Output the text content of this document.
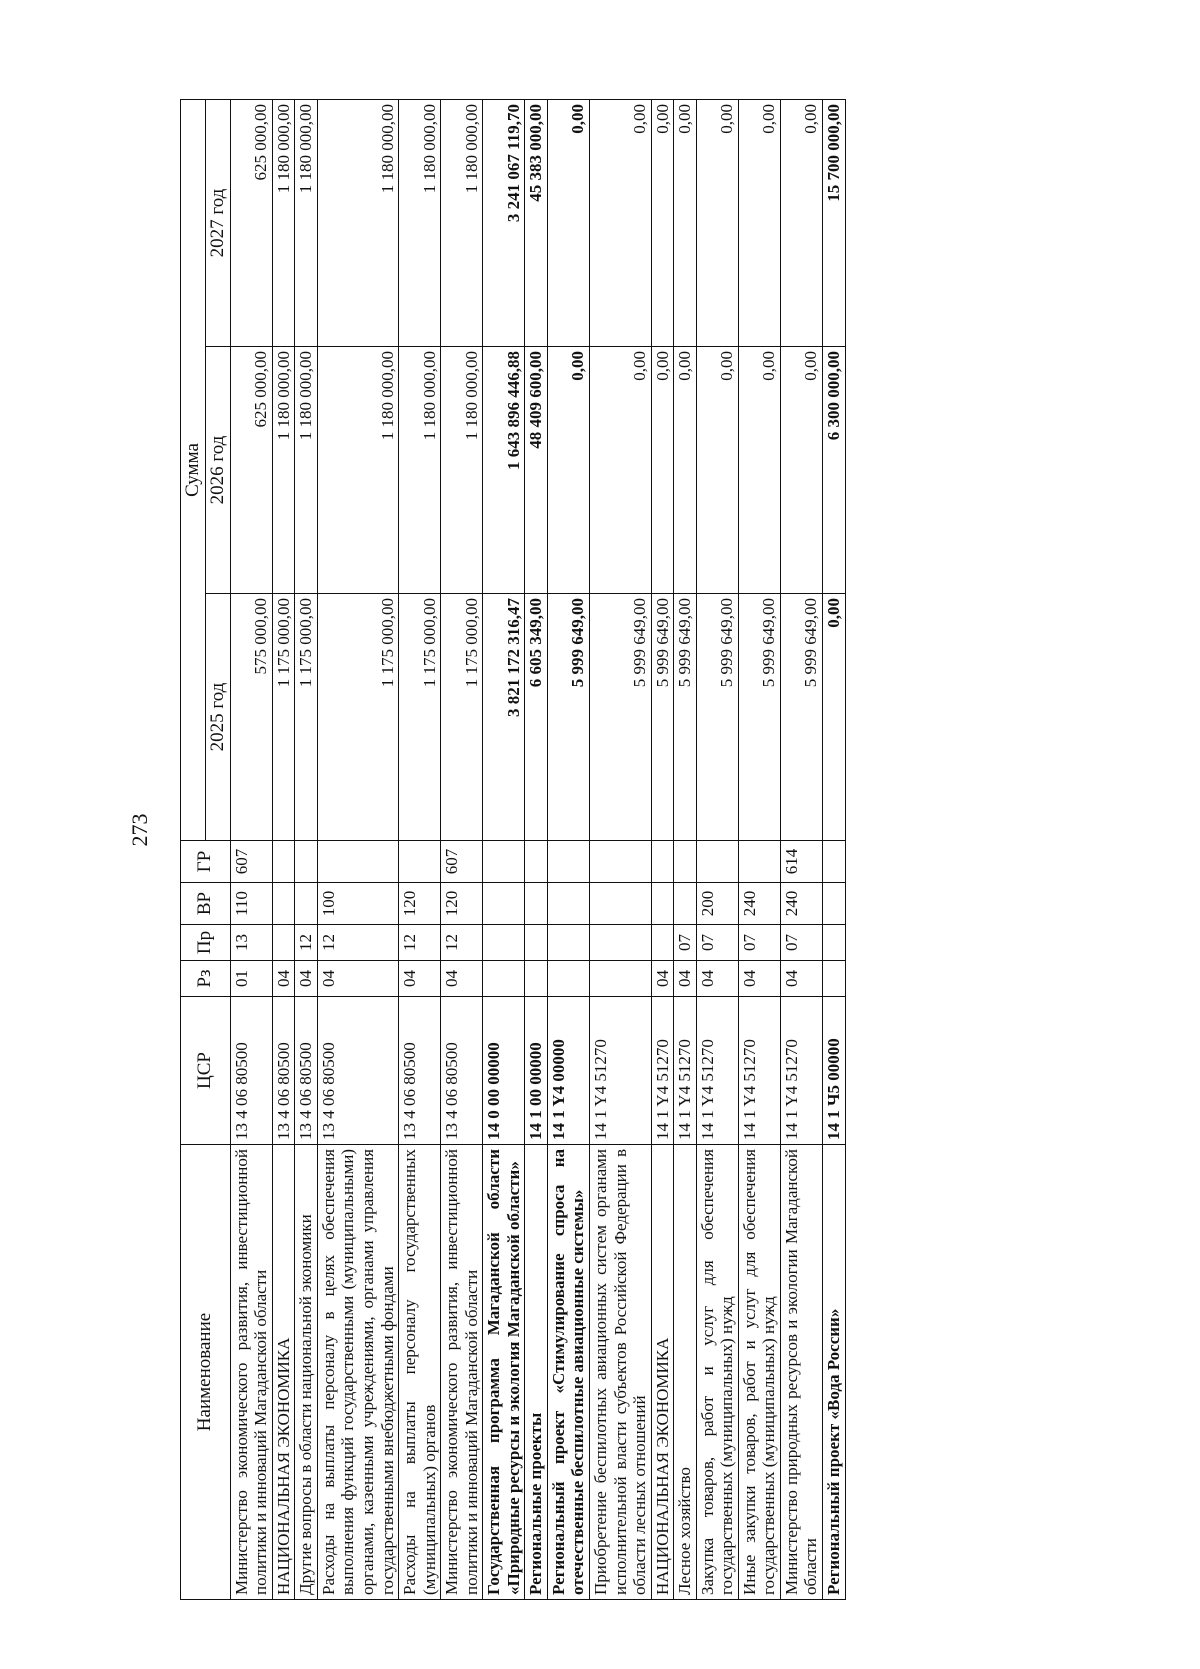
273
Наименование	ЦСР	Рз	Пр	ВР	ГР	Сумма		
						2025 год	2026 год	2027 год
Министерство экономического развития, инвестиционной политики и инноваций Магаданской области	13 4 06 80500	01	13	110	607	575 000,00	625 000,00	625 000,00
НАЦИОНАЛЬНАЯ ЭКОНОМИКА	13 4 06 80500	04				1 175 000,00	1 180 000,00	1 180 000,00
Другие вопросы в области национальной экономики	13 4 06 80500	04	12			1 175 000,00	1 180 000,00	1 180 000,00
Расходы на выплаты персоналу в целях обеспечения выполнения функций государственными (муниципальными) органами, казенными учреждениями, органами управления государственными внебюджетными фондами	13 4 06 80500	04	12	100		1 175 000,00	1 180 000,00	1 180 000,00
Расходы на выплаты персоналу государственных (муниципальных) органов	13 4 06 80500	04	12	120		1 175 000,00	1 180 000,00	1 180 000,00
Министерство экономического развития, инвестиционной политики и инноваций Магаданской области	13 4 06 80500	04	12	120	607	1 175 000,00	1 180 000,00	1 180 000,00
Государственная программа Магаданской области «Природные ресурсы и экология Магаданской области»	14 0 00 00000					3 821 172 316,47	1 643 896 446,88	3 241 067 119,70
Региональные проекты	14 1 00 00000					6 605 349,00	48 409 600,00	45 383 000,00
Региональный проект «Стимулирование спроса на отечественные беспилотные авиационные системы»	14 1 Y4 00000					5 999 649,00	0,00	0,00
Приобретение беспилотных авиационных систем органами исполнительной власти субъектов Российской Федерации в области лесных отношений	14 1 Y4 51270					5 999 649,00	0,00	0,00
НАЦИОНАЛЬНАЯ ЭКОНОМИКА	14 1 Y4 51270	04				5 999 649,00	0,00	0,00
Лесное хозяйство	14 1 Y4 51270	04	07			5 999 649,00	0,00	0,00
Закупка товаров, работ и услуг для обеспечения государственных (муниципальных) нужд	14 1 Y4 51270	04	07	200		5 999 649,00	0,00	0,00
Иные закупки товаров, работ и услуг для обеспечения государственных (муниципальных) нужд	14 1 Y4 51270	04	07	240		5 999 649,00	0,00	0,00
Министерство природных ресурсов и экологии Магаданской области	14 1 Y4 51270	04	07	240	614	5 999 649,00	0,00	0,00
Региональный проект «Вода России»	14 1 Ч5 00000					0,00	6 300 000,00	15 700 000,00
